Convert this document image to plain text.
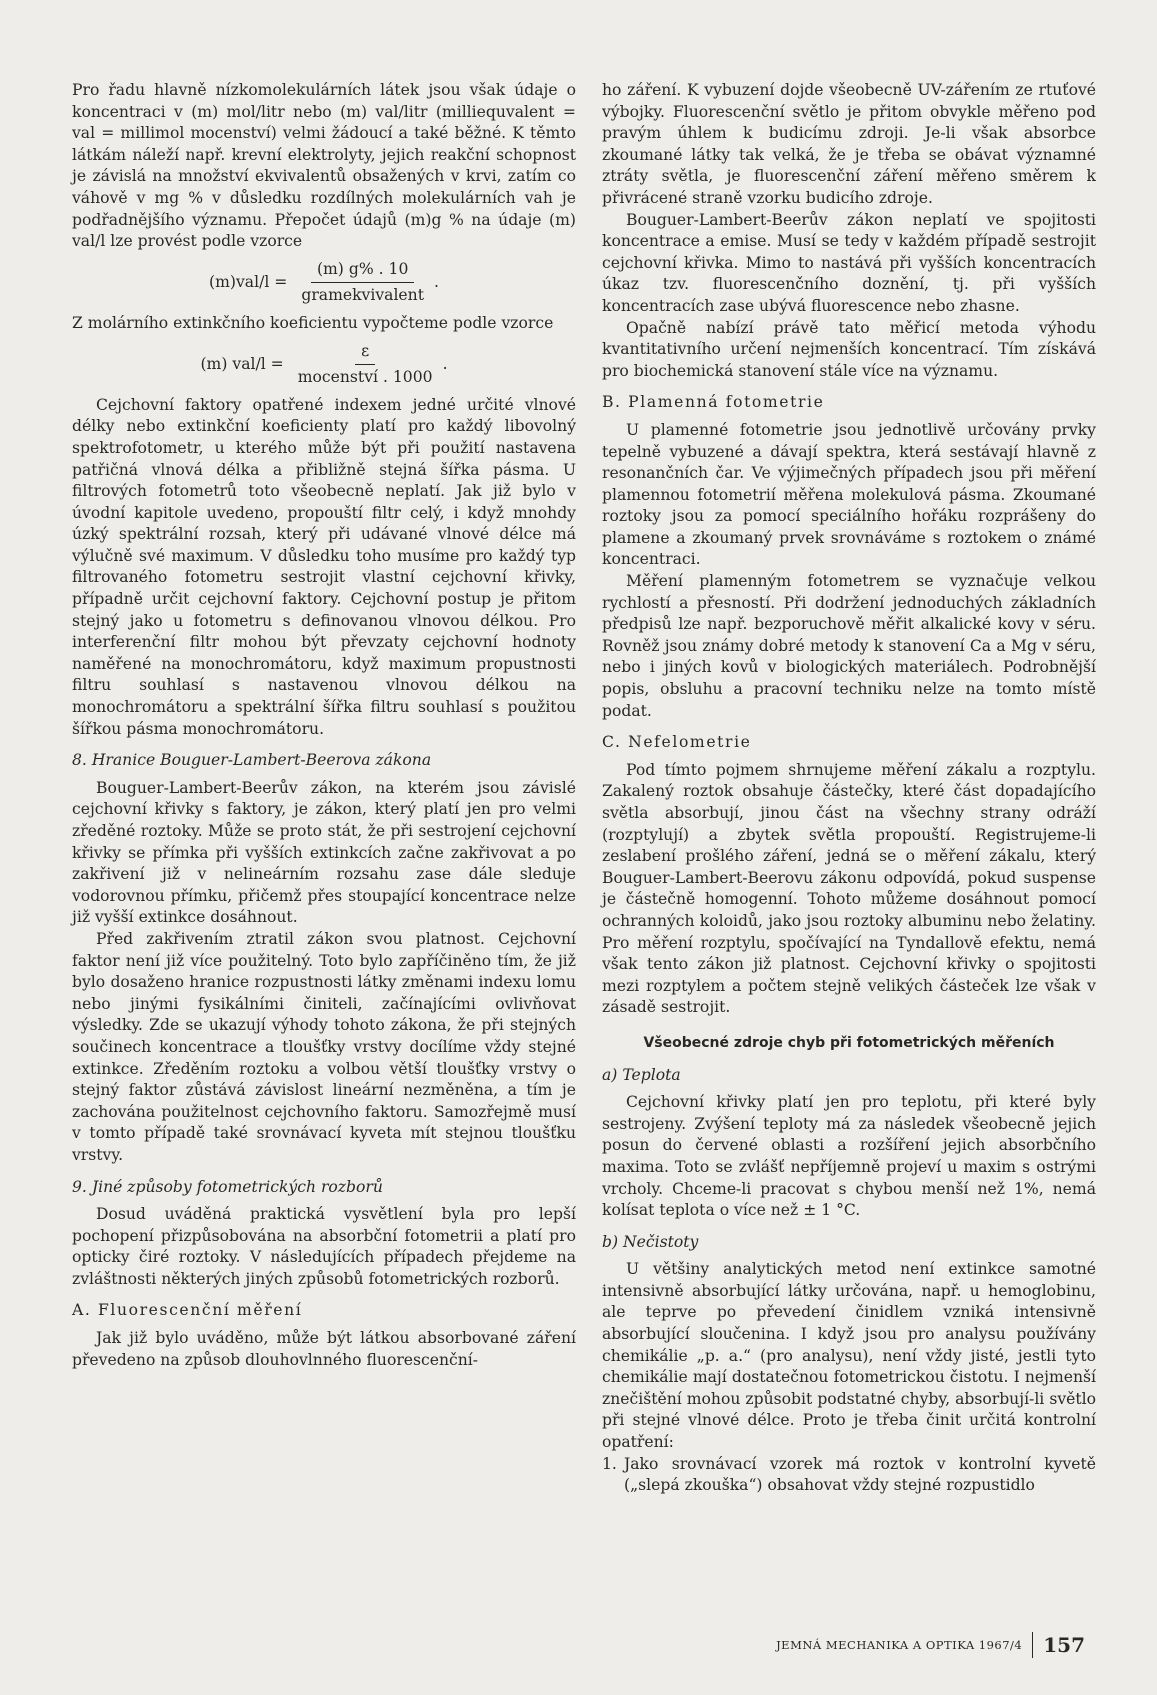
Pro řadu hlavně nízkomolekulárních látek jsou však údaje o koncentraci v (m) mol/litr nebo (m) val/litr (milliequvalent = val = millimol mocenství) velmi žádoucí a také běžné. K těmto látkám náleží např. krevní elektrolyty, jejich reakční schopnost je závislá na množství ekvivalentů obsažených v krvi, zatím co váhově v mg % v důsledku rozdílných molekulárních vah je podřadnějšího významu. Přepočet údajů (m)g % na údaje (m) val/l lze provést podle vzorce

$(m)val/l = \frac{(m) g\% . 10}{\text{gramekvivalent}}$ .

Z molárního extinkčního koeficientu vypočteme podle vzorce

(m) $val/l = \frac{\varepsilon}{\text{mocenství . 1000}}$ .

Cejchovní faktory opatřené indexem jedné určité vlnové délky nebo extinkční koeficienty platí pro každý libovolný spektrofotometr, u kterého může být při použití nastavena patřičná vlnová délka a přibližně stejná šířka pásma. U filtrových fotometrů toto všeobecně neplatí. Jak již bylo v úvodní kapitole uvedeno, propouští filtr celý, i když mnohdy úzký spektrální rozsah, který při udávané vlnové délce má výlučně své maximum. V důsledku toho musíme pro každý typ filtrovaného fotometru sestrojit vlastní cejchovní křivky, případně určit cejchovní faktory. Cejchovní postup je přitom stejný jako u fotometru s definovanou vlnovou délkou. Pro interferenční filtr mohou být převzaty cejchovní hodnoty naměřené na monochromátoru, když maximum propustnosti filtru souhlasí s nastavenou vlnovou délkou na monochromátoru a spektrální šířka filtru souhlasí s použitou šířkou pásma monochromátoru.

8. Hranice Bouguer-Lambert-Beerova zákona

Bouguer-Lambert-Beerův zákon, na kterém jsou závislé cejchovní křivky s faktory, je zákon, který platí jen pro velmi zředěné roztoky. Může se proto stát, že při sestrojení cejchovní křivky se přímka při vyšších extinkcích začne zakřivovat a po zakřivení již v nelineárním rozsahu zase dále sleduje vodorovnou přímku, přičemž přes stoupající koncentrace nelze již vyšší extinkce dosáhnout.

Před zakřivením ztratil zákon svou platnost. Cejchovní faktor není již více použitelný. Toto bylo zapříčiněno tím, že již bylo dosaženo hranice rozpustnosti látky změnami indexu lomu nebo jinými fysikálními činiteli, začínajícími ovlivňovat výsledky. Zde se ukazují výhody tohoto zákona, že při stejných součinech koncentrace a tloušťky vrstvy docílíme vždy stejné extinkce. Zředěním roztoku a volbou větší tloušťky vrstvy o stejný faktor zůstává závislost lineární nezměněna, a tím je zachována použitelnost cejchovního faktoru. Samozřejmě musí v tomto případě také srovnávací kyveta mít stejnou tloušťku vrstvy.

9. Jiné způsoby fotometrických rozborů

Dosud uváděná praktická vysvětlení byla pro lepší pochopení přizpůsobována na absorbční fotometrii a platí pro opticky čiré roztoky. V následujících případech přejdeme na zvláštnosti některých jiných způsobů fotometrických rozborů.

A. Fluorescenční měření

Jak již bylo uváděno, může být látkou absorbované záření převedeno na způsob dlouhovlnného fluorescenční-

ho záření. K vybuzení dojde všeobecně UV-zářením ze rtuťové výbojky. Fluorescenční světlo je přitom obvykle měřeno pod pravým úhlem k budicímu zdroji. Je-li však absorbce zkoumané látky tak velká, že je třeba se obávat významné ztráty světla, je fluorescenční záření měřeno směrem k přivrácené straně vzorku budicího zdroje.

Bouguer-Lambert-Beerův zákon neplatí ve spojitosti koncentrace a emise. Musí se tedy v každém případě sestrojit cejchovní křivka. Mimo to nastává při vyšších koncentracích úkaz tzv. fluorescenčního doznění, tj. při vyšších koncentracích zase ubývá fluorescence nebo zhasne.

Opačně nabízí právě tato měřicí metoda výhodu kvantitativního určení nejmenších koncentrací. Tím získává pro biochemická stanovení stále více na významu.

B. Plamenná fotometrie

U plamenné fotometrie jsou jednotlivě určovány prvky tepelně vybuzené a dávají spektra, která sestávají hlavně z resonančních čar. Ve výjimečných případech jsou při měření plamennou fotometrií měřena molekulová pásma. Zkoumané roztoky jsou za pomocí speciálního hořáku rozprášeny do plamene a zkoumaný prvek srovnáváme s roztokem o známé koncentraci.

Měření plamenným fotometrem se vyznačuje velkou rychlostí a přesností. Při dodržení jednoduchých základních předpisů lze např. bezporuchově měřit alkalické kovy v séru. Rovněž jsou známy dobré metody k stanovení Ca a Mg v séru, nebo i jiných kovů v biologických materiálech. Podrobnější popis, obsluhu a pracovní techniku nelze na tomto místě podat.

C. Nefelometrie

Pod tímto pojmem shrnujeme měření zákalu a rozptylu. Zakalený roztok obsahuje částečky, které část dopadajícího světla absorbují, jinou část na všechny strany odráží (rozptylují) a zbytek světla propouští. Registrujeme-li zeslabení prošlého záření, jedná se o měření zákalu, který Bouguer-Lambert-Beerovu zákonu odpovídá, pokud suspense je částečně homogenní. Tohoto můžeme dosáhnout pomocí ochranných koloidů, jako jsou roztoky albuminu nebo želatiny. Pro měření rozptylu, spočívající na Tyndallově efektu, nemá však tento zákon již platnost. Cejchovní křivky o spojitosti mezi rozptylem a počtem stejně velikých částeček lze však v zásadě sestrojit.

Všeobecné zdroje chyb při fotometrických měřeních
a) Teplota

Cejchovní křivky platí jen pro teplotu, při které byly sestrojeny. Zvýšení teploty má za následek všeobecně jejich posun do červené oblasti a rozšíření jejich absorbčního maxima. Toto se zvlášť nepříjemně projeví u maxim s ostrými vrcholy. Chceme-li pracovat s chybou menší než 1%, nemá kolísat teplota o více než ± 1 °C.

b) Nečistoty

U většiny analytických metod není extinkce samotné intensivně absorbující látky určována, např. u hemoglobinu, ale teprve po převedení činidlem vzniká intensivně absorbující sloučenina. I když jsou pro analysu používány chemikálie „p. a.“ (pro analysu), není vždy jisté, jestli tyto chemikálie mají dostatečnou fotometrickou čistotu. I nejmenší znečištění mohou způsobit podstatné chyby, absorbují-li světlo při stejné vlnové délce. Proto je třeba činit určitá kontrolní opatření:

1. Jako srovnávací vzorek má roztok v kontrolní kyvetě („slepá zkouška“) obsahovat vždy stejné rozpustidlo
JEMNÁ MECHANIKA A OPTIKA 1967/4 157
